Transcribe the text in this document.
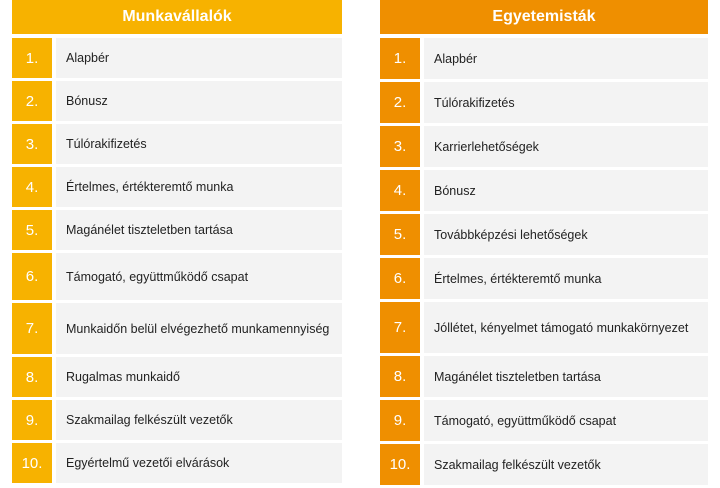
Munkavállalók
1.	Alapbér
2.	Bónusz
3.	Túlórakifizetés
4.	Értelmes, értékteremtő munka
5.	Magánélet tiszteletben tartása
6.	Támogató, együttműködő csapat
7.	Munkaidőn belül elvégezhető munkamennyiség
8.	Rugalmas munkaidő
9.	Szakmailag felkészült vezetők
10.	Egyértelmű vezetői elvárások
Egyetemisták
1.	Alapbér
2.	Túlórakifizetés
3.	Karrierlehetőségek
4.	Bónusz
5.	Továbbképzési lehetőségek
6.	Értelmes, értékteremtő munka
7.	Jóllétet, kényelmet támogató munkakörnyezet
8.	Magánélet tiszteletben tartása
9.	Támogató, együttműködő csapat
10.	Szakmailag felkészült vezetők
